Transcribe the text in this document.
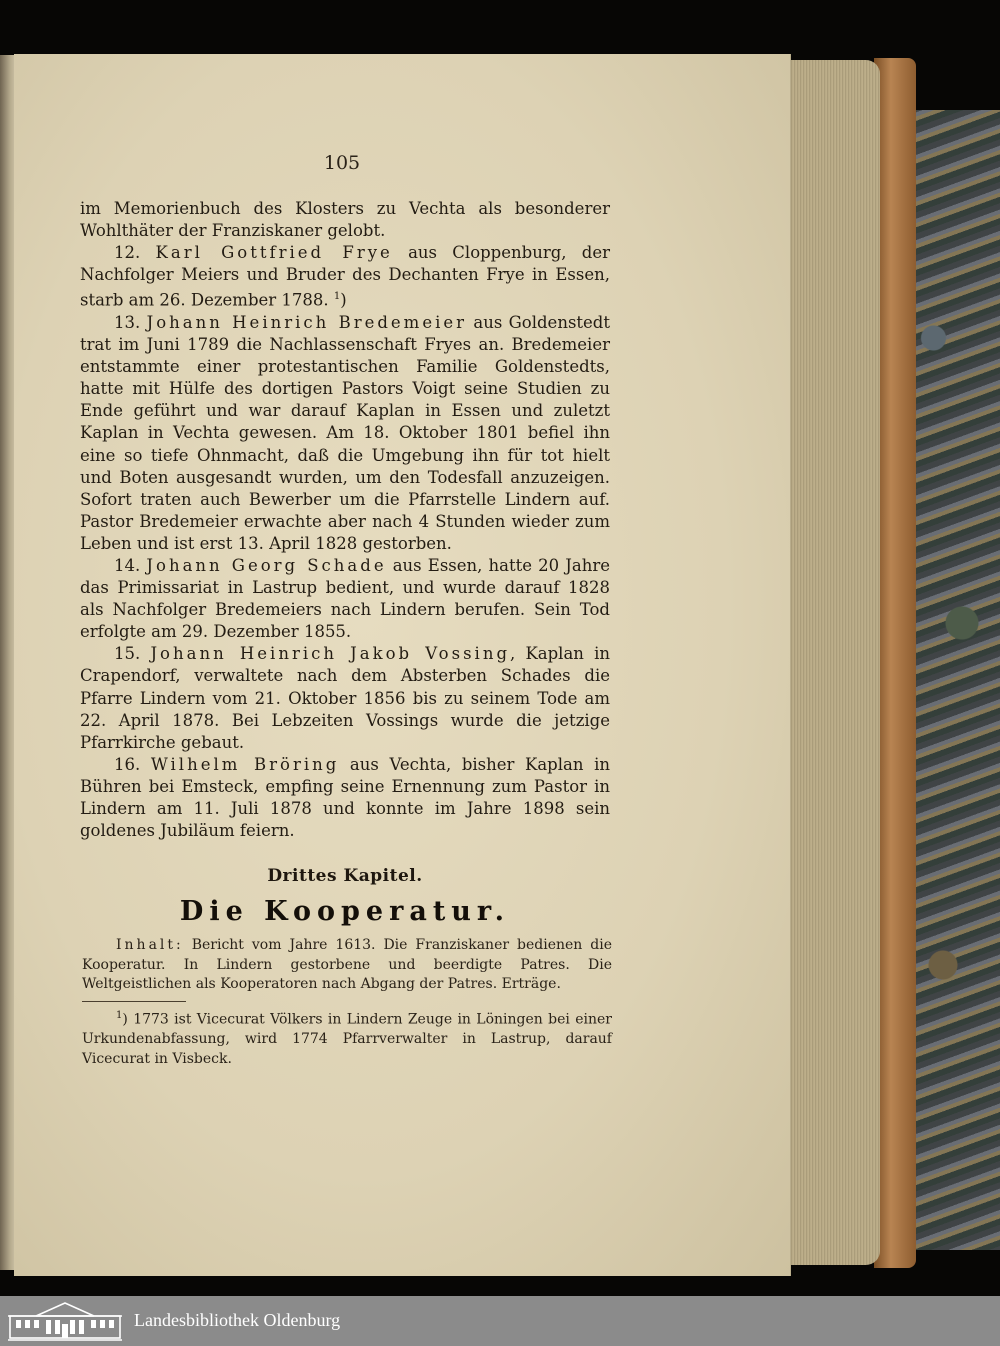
105

im Memorienbuch des Klosters zu Vechta als besonderer Wohlthäter der Franziskaner gelobt.

12. Karl Gottfried Frye aus Cloppenburg, der Nachfolger Meiers und Bruder des Dechanten Frye in Essen, starb am 26. Dezember 1788. $^1$)

13. Johann Heinrich Bredemeier aus Goldenstedt trat im Juni 1789 die Nachlassenschaft Fryes an. Bredemeier entstammte einer protestantischen Familie Goldenstedts, hatte mit Hülfe des dortigen Pastors Voigt seine Studien zu Ende geführt und war darauf Kaplan in Essen und zuletzt Kaplan in Vechta gewesen. Am 18. Oktober 1801 befiel ihn eine so tiefe Ohnmacht, daß die Umgebung ihn für tot hielt und Boten ausgesandt wurden, um den Todesfall anzuzeigen. Sofort traten auch Bewerber um die Pfarrstelle Lindern auf. Pastor Bredemeier erwachte aber nach 4 Stunden wieder zum Leben und ist erst 13. April 1828 gestorben.

14. Johann Georg Schade aus Essen, hatte 20 Jahre das Primissariat in Lastrup bedient, und wurde darauf 1828 als Nachfolger Bredemeiers nach Lindern berufen. Sein Tod erfolgte am 29. Dezember 1855.

15. Johann Heinrich Jakob Vossing, Kaplan in Crapendorf, verwaltete nach dem Absterben Schades die Pfarre Lindern vom 21. Oktober 1856 bis zu seinem Tode am 22. April 1878. Bei Lebzeiten Vossings wurde die jetzige Pfarrkirche gebaut.

16. Wilhelm Bröring aus Vechta, bisher Kaplan in Bühren bei Emsteck, empfing seine Ernennung zum Pastor in Lindern am 11. Juli 1878 und konnte im Jahre 1898 sein goldenes Jubiläum feiern.

Drittes Kapitel.
Die Kooperatur.

Inhalt: Bericht vom Jahre 1613. Die Franziskaner bedienen die Kooperatur. In Lindern gestorbene und beerdigte Patres. Die Weltgeistlichen als Kooperatoren nach Abgang der Patres. Erträge.

$^1$) 1773 ist Vicecurat Völkers in Lindern Zeuge in Löningen bei einer Urkundenabfassung, wird 1774 Pfarrverwalter in Lastrup, darauf Vicecurat in Visbeck.

Landesbibliothek Oldenburg
